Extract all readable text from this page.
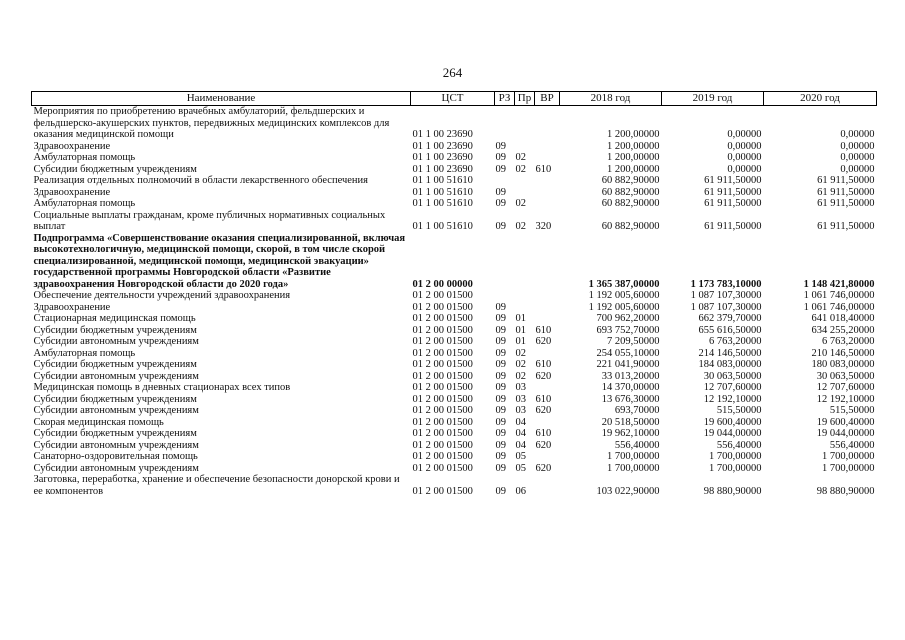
264
Наименование	ЦСТ	РЗ	Пр	ВР	2018 год	2019 год	2020 год
Мероприятия по приобретению врачебных амбулаторий, фельдшерских и фельдшерско-акушерских пунктов, передвижных медицинских комплексов для оказания медицинской помощи	01 1 00 23690				1 200,00000	0,00000	0,00000
Здравоохранение	01 1 00 23690	09			1 200,00000	0,00000	0,00000
Амбулаторная помощь	01 1 00 23690	09	02		1 200,00000	0,00000	0,00000
Субсидии бюджетным учреждениям	01 1 00 23690	09	02	610	1 200,00000	0,00000	0,00000
Реализация отдельных полномочий в области лекарственного обеспечения	01 1 00 51610				60 882,90000	61 911,50000	61 911,50000
Здравоохранение	01 1 00 51610	09			60 882,90000	61 911,50000	61 911,50000
Амбулаторная помощь	01 1 00 51610	09	02		60 882,90000	61 911,50000	61 911,50000
Социальные выплаты гражданам, кроме публичных нормативных социальных выплат	01 1 00 51610	09	02	320	60 882,90000	61 911,50000	61 911,50000
Подпрограмма «Совершенствование оказания специализированной, включая высокотехнологичную, медицинской помощи, скорой, в том числе скорой специализированной, медицинской помощи, медицинской эвакуации» государственной программы Новгородской области «Развитие здравоохранения Новгородской области до 2020 года»	01 2 00 00000				1 365 387,00000	1 173 783,10000	1 148 421,80000
Обеспечение деятельности учреждений здравоохранения	01 2 00 01500				1 192 005,60000	1 087 107,30000	1 061 746,00000
Здравоохранение	01 2 00 01500	09			1 192 005,60000	1 087 107,30000	1 061 746,00000
Стационарная медицинская помощь	01 2 00 01500	09	01		700 962,20000	662 379,70000	641 018,40000
Субсидии бюджетным учреждениям	01 2 00 01500	09	01	610	693 752,70000	655 616,50000	634 255,20000
Субсидии автономным учреждениям	01 2 00 01500	09	01	620	7 209,50000	6 763,20000	6 763,20000
Амбулаторная помощь	01 2 00 01500	09	02		254 055,10000	214 146,50000	210 146,50000
Субсидии бюджетным учреждениям	01 2 00 01500	09	02	610	221 041,90000	184 083,00000	180 083,00000
Субсидии автономным учреждениям	01 2 00 01500	09	02	620	33 013,20000	30 063,50000	30 063,50000
Медицинская помощь в дневных стационарах всех типов	01 2 00 01500	09	03		14 370,00000	12 707,60000	12 707,60000
Субсидии бюджетным учреждениям	01 2 00 01500	09	03	610	13 676,30000	12 192,10000	12 192,10000
Субсидии автономным учреждениям	01 2 00 01500	09	03	620	693,70000	515,50000	515,50000
Скорая медицинская помощь	01 2 00 01500	09	04		20 518,50000	19 600,40000	19 600,40000
Субсидии бюджетным учреждениям	01 2 00 01500	09	04	610	19 962,10000	19 044,00000	19 044,00000
Субсидии автономным учреждениям	01 2 00 01500	09	04	620	556,40000	556,40000	556,40000
Санаторно-оздоровительная помощь	01 2 00 01500	09	05		1 700,00000	1 700,00000	1 700,00000
Субсидии автономным учреждениям	01 2 00 01500	09	05	620	1 700,00000	1 700,00000	1 700,00000
Заготовка, переработка, хранение и обеспечение безопасности донорской крови и ее компонентов	01 2 00 01500	09	06		103 022,90000	98 880,90000	98 880,90000
